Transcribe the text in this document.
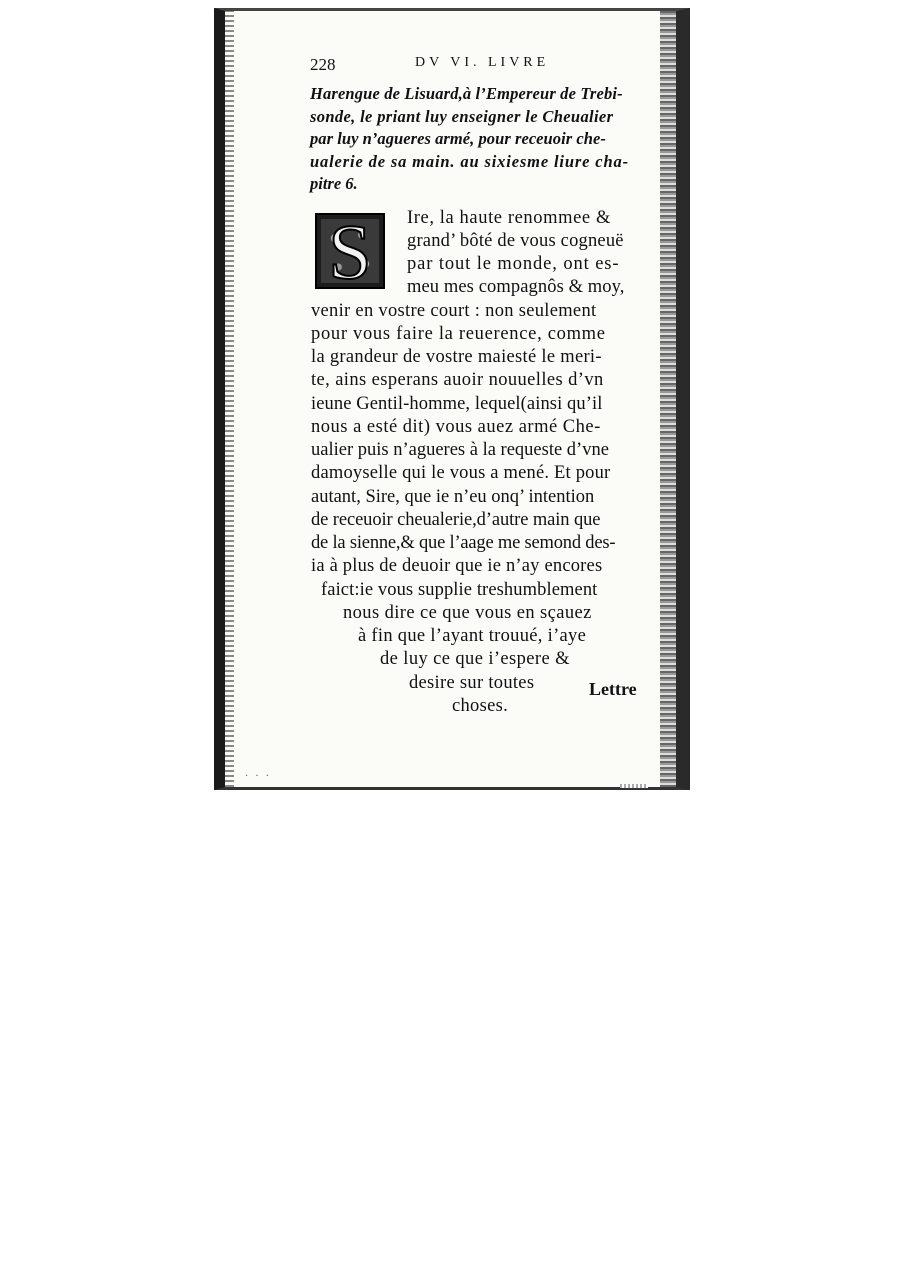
228	DV VI. LIVRE
Harengue de Lisuard,à l’Empereur de Trebi-
sonde, le priant luy enseigner le Cheualier
par luy n’agueres armé, pour receuoir che-
ualerie de sa main. au sixiesme liure cha-
pitre 6.
S	Ire, la haute renommee &
grand’ bôté de vous cogneuë
par tout le monde, ont es-
meu mes compagnôs & moy,
venir en vostre court : non seulement
pour vous faire la reuerence, comme
la grandeur de vostre maiesté le meri-
te, ains esperans auoir nouuelles d’vn
ieune Gentil-homme, lequel(ainsi qu’il
nous a esté dit) vous auez armé Che-
ualier puis n’agueres à la requeste d’vne
damoyselle qui le vous a mené. Et pour
autant, Sire, que ie n’eu onq’ intention
de receuoir cheualerie,d’autre main que
de la sienne,& que l’aage me semond des-
ia à plus de deuoir que ie n’ay encores
faict:ie vous supplie treshumblement
nous dire ce que vous en sçauez
à fin que l’ayant trouué, i’aye
de luy ce que i’espere &
desire sur toutes
choses.
Lettre
. . .
